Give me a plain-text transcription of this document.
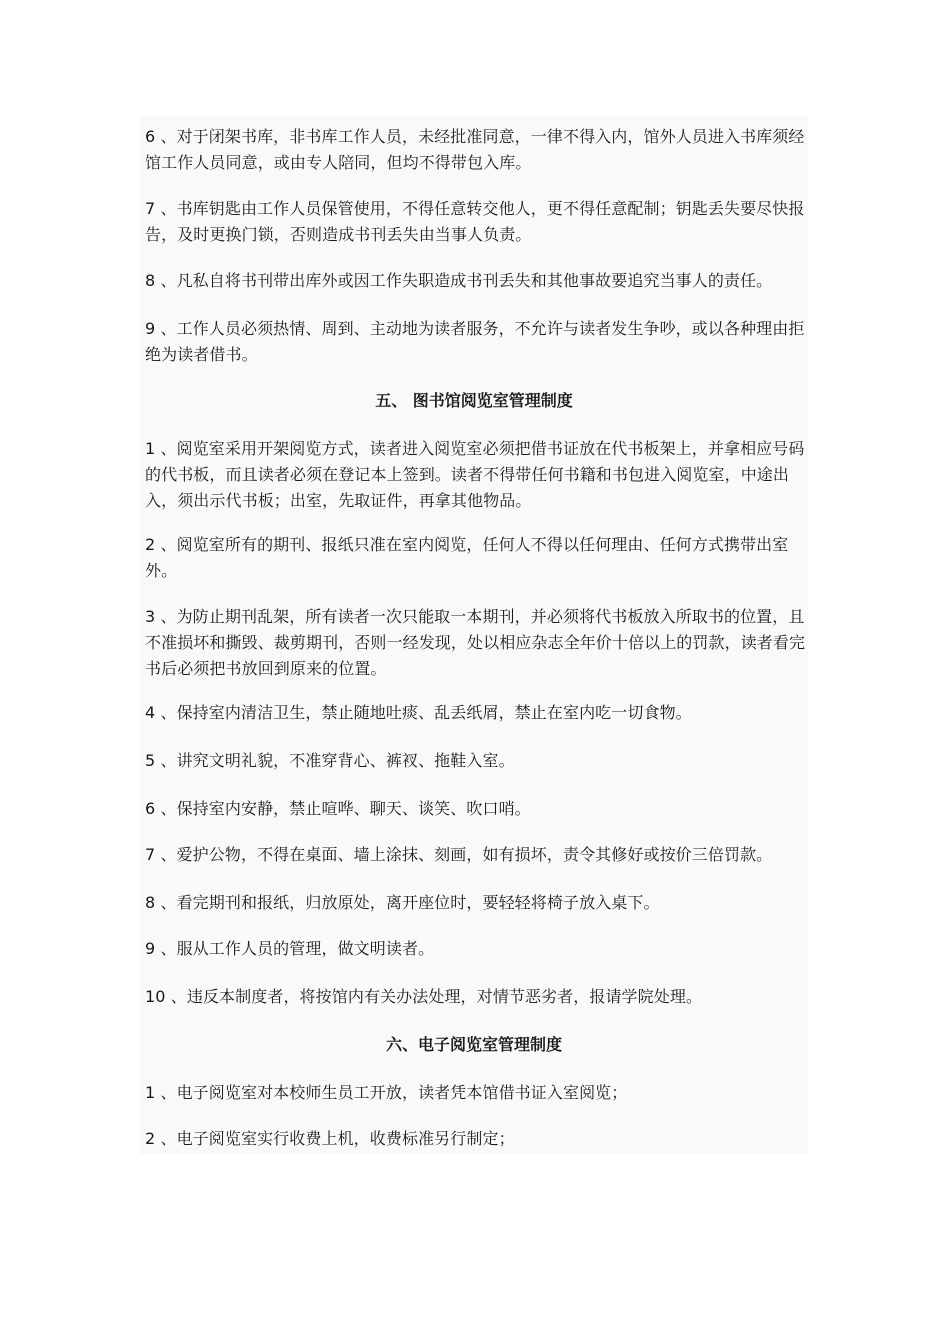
6 、对于闭架书库，非书库工作人员，未经批准同意，一律不得入内，馆外人员进入书库须经馆工作人员同意，或由专人陪同，但均不得带包入库。

7 、书库钥匙由工作人员保管使用，不得任意转交他人，更不得任意配制；钥匙丢失要尽快报告，及时更换门锁，否则造成书刊丢失由当事人负责。

8 、凡私自将书刊带出库外或因工作失职造成书刊丢失和其他事故要追究当事人的责任。

9 、工作人员必须热情、周到、主动地为读者服务，不允许与读者发生争吵，或以各种理由拒绝为读者借书。

五、 图书馆阅览室管理制度

1 、阅览室采用开架阅览方式，读者进入阅览室必须把借书证放在代书板架上，并拿相应号码的代书板，而且读者必须在登记本上签到。读者不得带任何书籍和书包进入阅览室，中途出入，须出示代书板；出室，先取证件，再拿其他物品。

2 、阅览室所有的期刊、报纸只准在室内阅览，任何人不得以任何理由、任何方式携带出室外。

3 、为防止期刊乱架，所有读者一次只能取一本期刊，并必须将代书板放入所取书的位置，且不准损坏和撕毁、裁剪期刊，否则一经发现，处以相应杂志全年价十倍以上的罚款，读者看完书后必须把书放回到原来的位置。

4 、保持室内清洁卫生，禁止随地吐痰、乱丢纸屑，禁止在室内吃一切食物。

5 、讲究文明礼貌，不准穿背心、裤衩、拖鞋入室。

6 、保持室内安静，禁止喧哗、聊天、谈笑、吹口哨。

7 、爱护公物，不得在桌面、墙上涂抹、刻画，如有损坏，责令其修好或按价三倍罚款。

8 、看完期刊和报纸，归放原处，离开座位时，要轻轻将椅子放入桌下。

9 、服从工作人员的管理，做文明读者。

10 、违反本制度者，将按馆内有关办法处理，对情节恶劣者，报请学院处理。

六、电子阅览室管理制度

1 、电子阅览室对本校师生员工开放，读者凭本馆借书证入室阅览；

2 、电子阅览室实行收费上机，收费标准另行制定；
